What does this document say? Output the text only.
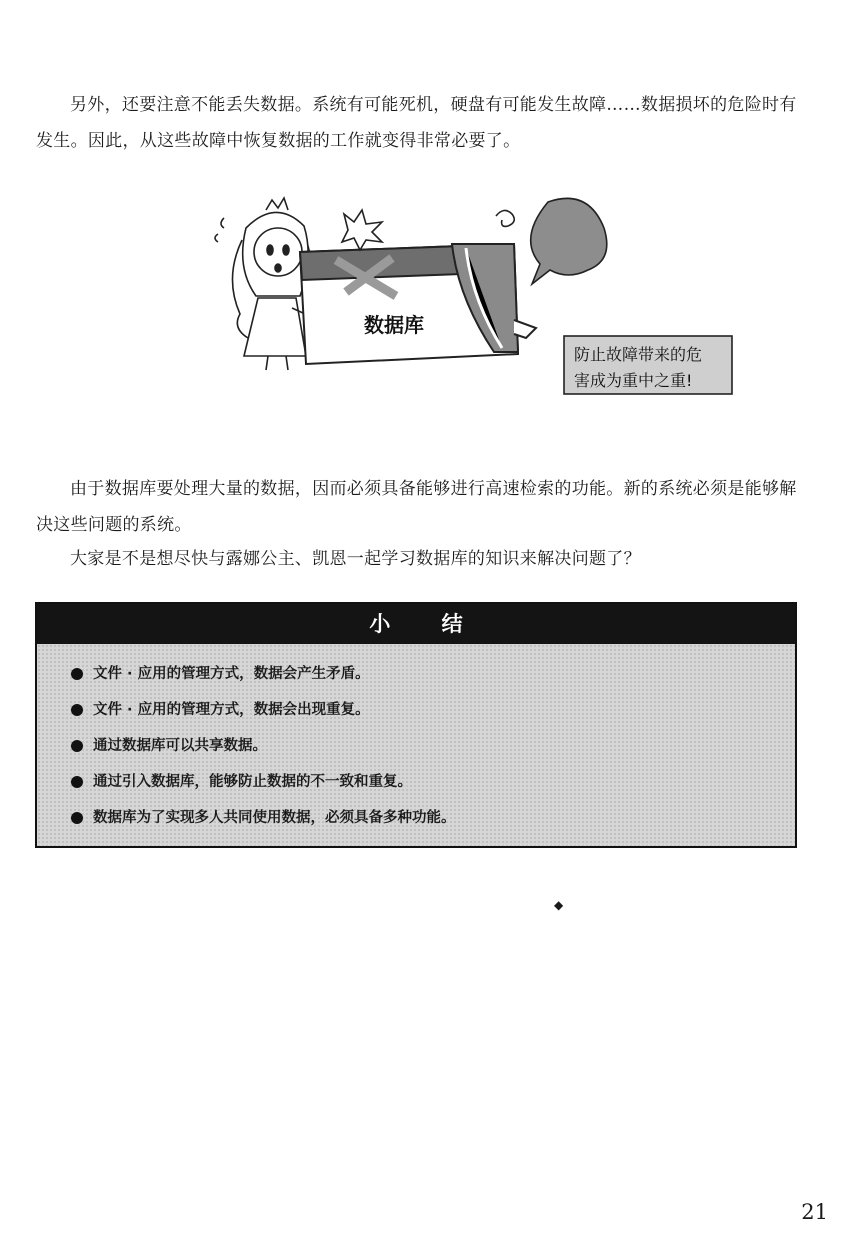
另外，还要注意不能丢失数据。系统有可能死机，硬盘有可能发生故障……数据损坏的危险时有发生。因此，从这些故障中恢复数据的工作就变得非常必要了。

数据库
防止故障带来的危
害成为重中之重!

由于数据库要处理大量的数据，因而必须具备能够进行高速检索的功能。新的系统必须是能够解决这些问题的系统。

大家是不是想尽快与露娜公主、凯恩一起学习数据库的知识来解决问题了？

小 结
文件 · 应用的管理方式，数据会产生矛盾。
文件 · 应用的管理方式，数据会出现重复。
通过数据库可以共享数据。
通过引入数据库，能够防止数据的不一致和重复。
数据库为了实现多人共同使用数据，必须具备多种功能。
◆
21
